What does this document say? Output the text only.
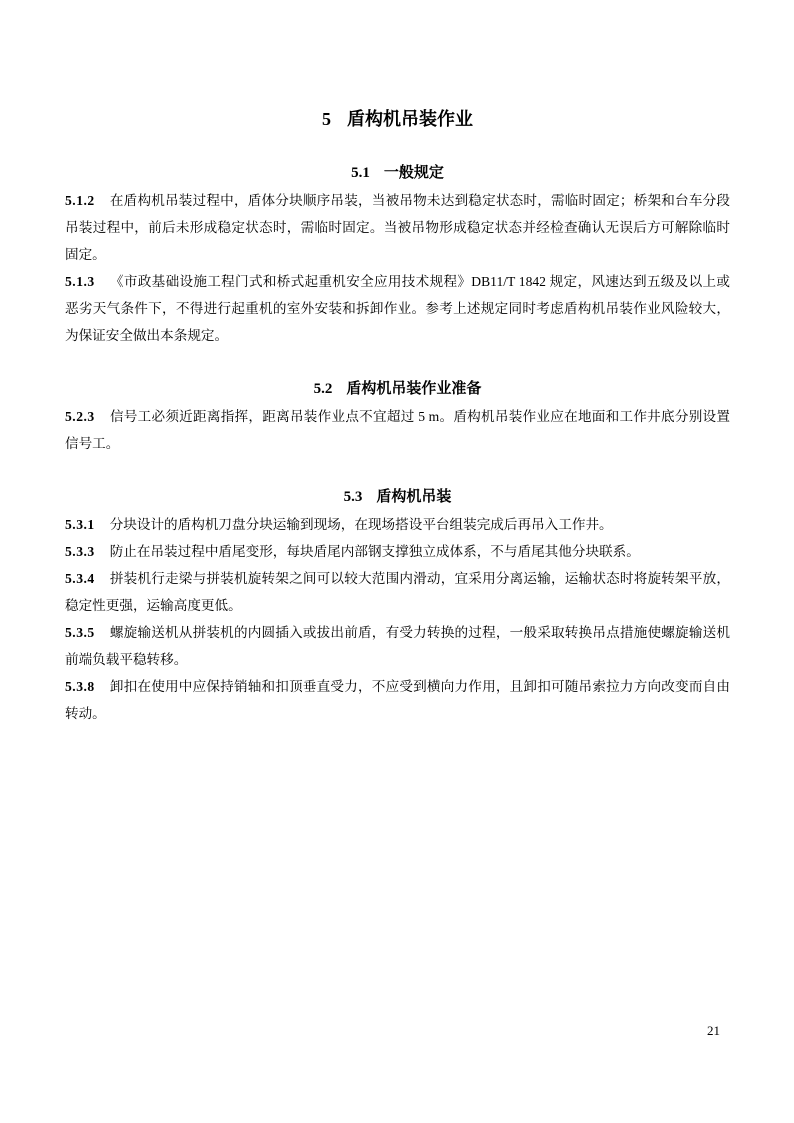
5 盾构机吊装作业
5.1 一般规定

5.1.2 在盾构机吊装过程中，盾体分块顺序吊装，当被吊物未达到稳定状态时，需临时固定；桥架和台车分段吊装过程中，前后未形成稳定状态时，需临时固定。当被吊物形成稳定状态并经检查确认无误后方可解除临时固定。

5.1.3 《市政基础设施工程门式和桥式起重机安全应用技术规程》DB11/T 1842 规定，风速达到五级及以上或恶劣天气条件下，不得进行起重机的室外安装和拆卸作业。参考上述规定同时考虑盾构机吊装作业风险较大，为保证安全做出本条规定。

5.2 盾构机吊装作业准备

5.2.3 信号工必须近距离指挥，距离吊装作业点不宜超过 5 m。盾构机吊装作业应在地面和工作井底分别设置信号工。

5.3 盾构机吊装

5.3.1 分块设计的盾构机刀盘分块运输到现场，在现场搭设平台组装完成后再吊入工作井。

5.3.3 防止在吊装过程中盾尾变形，每块盾尾内部钢支撑独立成体系，不与盾尾其他分块联系。

5.3.4 拼装机行走梁与拼装机旋转架之间可以较大范围内滑动，宜采用分离运输，运输状态时将旋转架平放，稳定性更强，运输高度更低。

5.3.5 螺旋输送机从拼装机的内圆插入或拔出前盾，有受力转换的过程，一般采取转换吊点措施使螺旋输送机前端负载平稳转移。

5.3.8 卸扣在使用中应保持销轴和扣顶垂直受力，不应受到横向力作用，且卸扣可随吊索拉力方向改变而自由转动。

21
